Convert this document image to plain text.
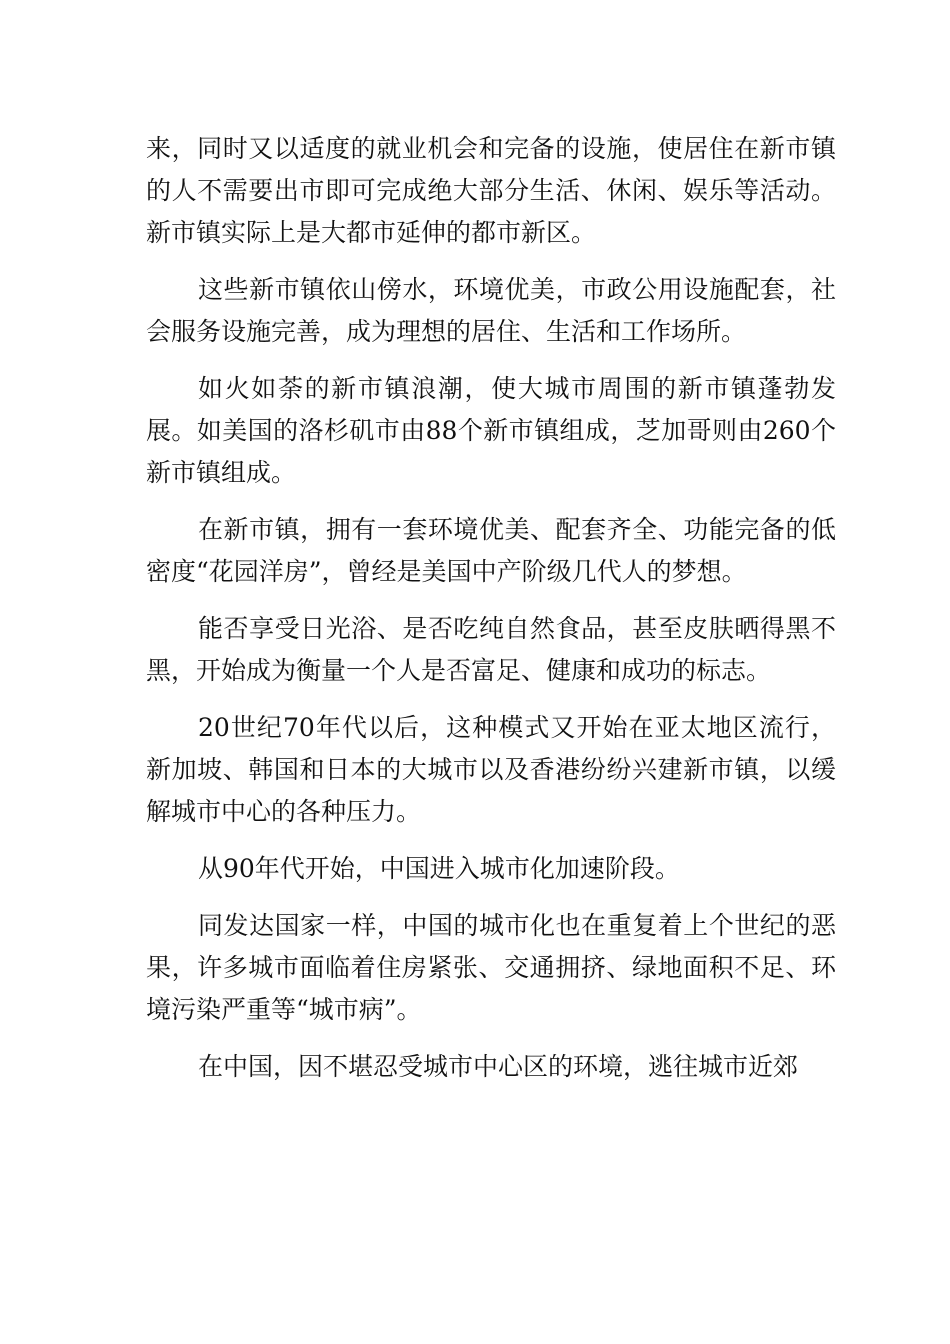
来，同时又以适度的就业机会和完备的设施，使居住在新市镇的人不需要出市即可完成绝大部分生活、休闲、娱乐等活动。新市镇实际上是大都市延伸的都市新区。

这些新市镇依山傍水，环境优美，市政公用设施配套，社会服务设施完善，成为理想的居住、生活和工作场所。

如火如荼的新市镇浪潮，使大城市周围的新市镇蓬勃发展。如美国的洛杉矶市由88个新市镇组成，芝加哥则由260个新市镇组成。

在新市镇，拥有一套环境优美、配套齐全、功能完备的低密度“花园洋房”，曾经是美国中产阶级几代人的梦想。

能否享受日光浴、是否吃纯自然食品，甚至皮肤晒得黑不黑，开始成为衡量一个人是否富足、健康和成功的标志。

20世纪70年代以后，这种模式又开始在亚太地区流行，新加坡、韩国和日本的大城市以及香港纷纷兴建新市镇，以缓解城市中心的各种压力。

从90年代开始，中国进入城市化加速阶段。

同发达国家一样，中国的城市化也在重复着上个世纪的恶果，许多城市面临着住房紧张、交通拥挤、绿地面积不足、环境污染严重等“城市病”。

在中国，因不堪忍受城市中心区的环境，逃往城市近郊
